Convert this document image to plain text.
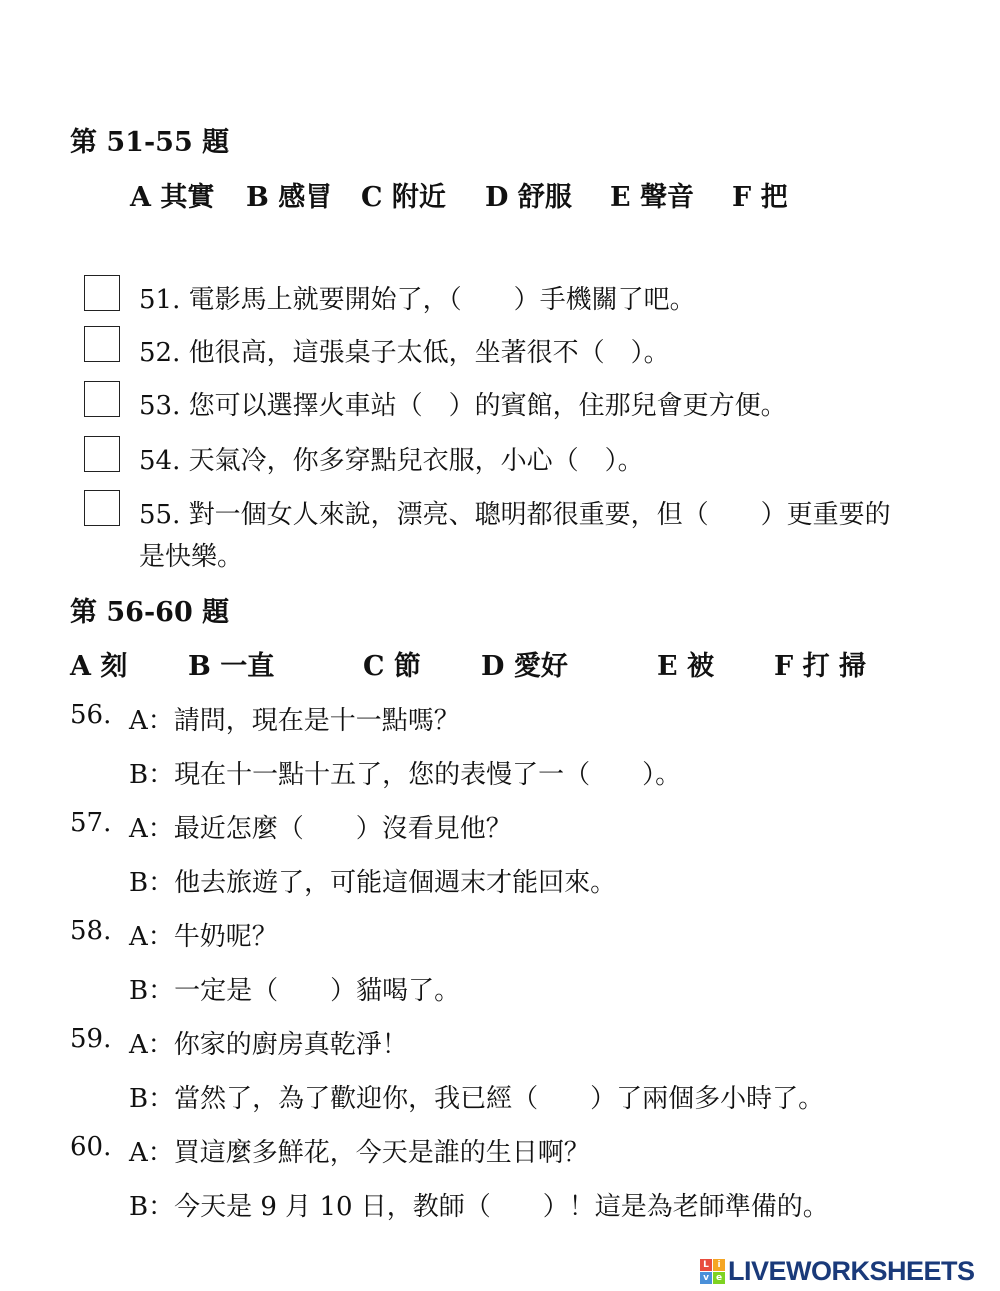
第 51-55 題
A 其實 B 感冒 C 附近 D 舒服 E 聲音 F 把
51. 電影馬上就要開始了，（　　）手機關了吧。
52. 他很高，這張桌子太低，坐著很不（　）。
53. 您可以選擇火車站（　）的賓館，住那兒會更方便。
54. 天氣冷，你多穿點兒衣服，小心（　）。
55. 對一個女人來說，漂亮、聰明都很重要，但（　　）更重要的
是快樂。
第 56-60 題
A 刻 B 一直	C 節 D 愛好	E 被 F 打 掃
56. A：請問，現在是十一點嗎？
B：現在十一點十五了，您的表慢了一（　　）。
57. A：最近怎麼（　　）沒看見他？
B：他去旅遊了，可能這個週末才能回來。
58. A：牛奶呢？
B：一定是（　　）貓喝了。
59. A：你家的廚房真乾淨！
B：當然了，為了歡迎你，我已經（　　）了兩個多小時了。
60. A：買這麼多鮮花，今天是誰的生日啊？
B：今天是 9 月 10 日，教師（　　）！這是為老師準備的。
L i
v e LIVEWORKSHEETS
